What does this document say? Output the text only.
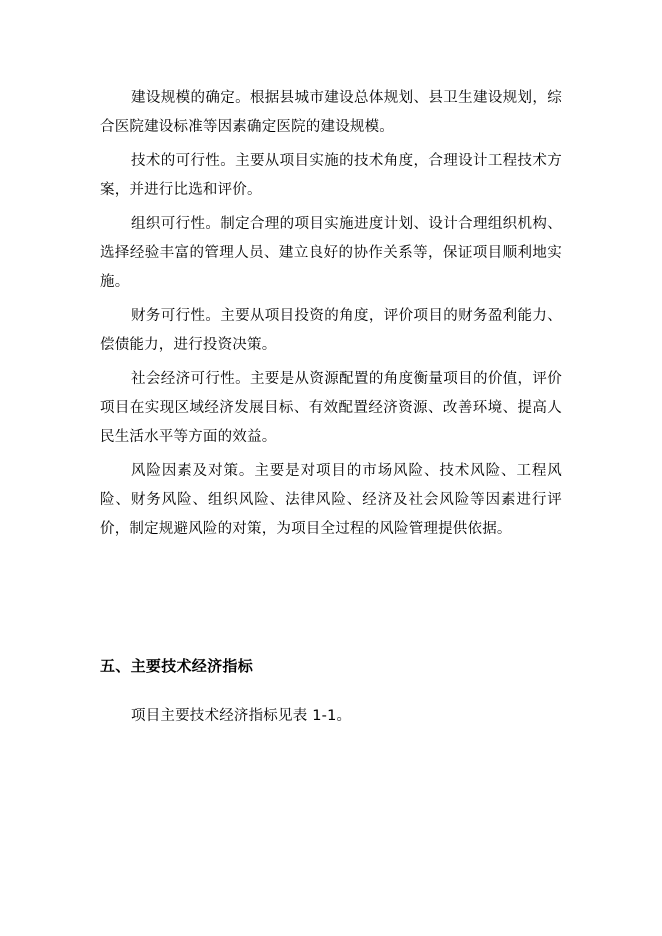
建设规模的确定。根据县城市建设总体规划、县卫生建设规划，综合医院建设标准等因素确定医院的建设规模。

技术的可行性。主要从项目实施的技术角度，合理设计工程技术方案，并进行比选和评价。

组织可行性。制定合理的项目实施进度计划、设计合理组织机构、选择经验丰富的管理人员、建立良好的协作关系等，保证项目顺利地实施。

财务可行性。主要从项目投资的角度，评价项目的财务盈利能力、偿债能力，进行投资决策。

社会经济可行性。主要是从资源配置的角度衡量项目的价值，评价项目在实现区域经济发展目标、有效配置经济资源、改善环境、提高人民生活水平等方面的效益。

风险因素及对策。主要是对项目的市场风险、技术风险、工程风险、财务风险、组织风险、法律风险、经济及社会风险等因素进行评价，制定规避风险的对策，为项目全过程的风险管理提供依据。

五、主要技术经济指标

项目主要技术经济指标见表 1-1。
